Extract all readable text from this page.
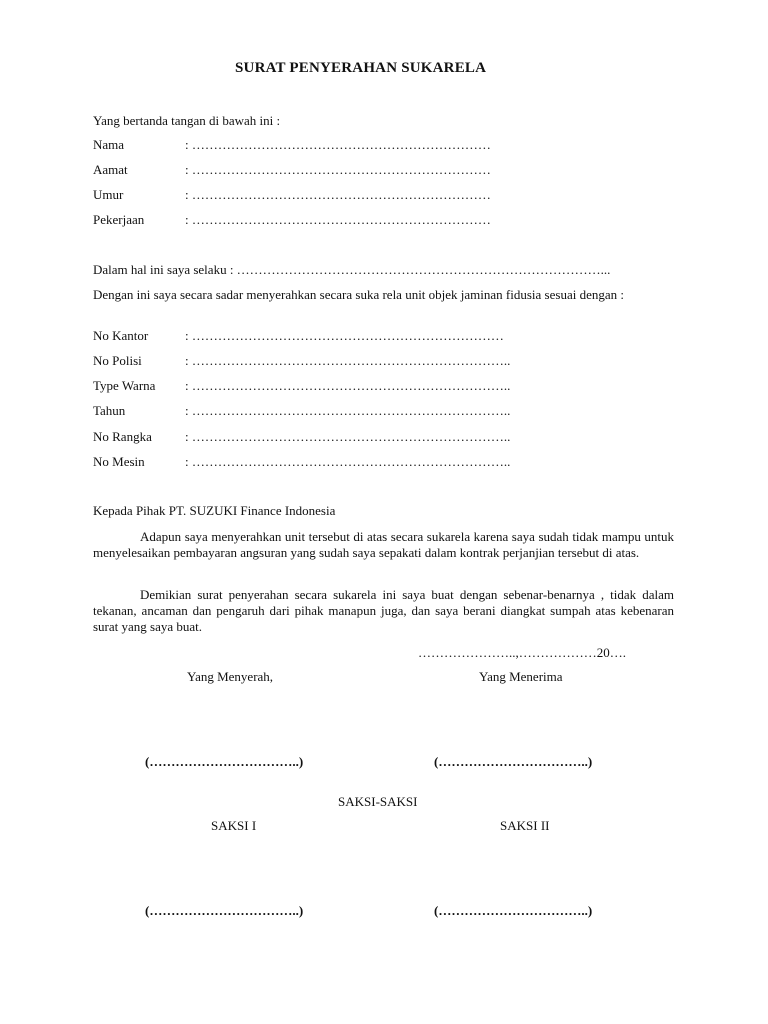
SURAT PENYERAHAN SUKARELA
Yang bertanda tangan di bawah ini :
Nama	: ……………………………………………………………
Aamat	: ……………………………………………………………
Umur	: ……………………………………………………………
Pekerjaan	: ……………………………………………………………
Dalam hal ini saya selaku : …………………………………………………………………………...
Dengan ini saya secara sadar menyerahkan secara suka rela unit objek jaminan fidusia sesuai dengan :
No Kantor	: ………………………………………………………………
No Polisi	: ………………………………………………………………..
Type Warna : ………………………………………………………………..
Tahun	: ………………………………………………………………..
No Rangka	: ………………………………………………………………..
No Mesin	: ………………………………………………………………..
Kepada Pihak PT. SUZUKI Finance Indonesia
Adapun saya menyerahkan unit tersebut di atas secara sukarela karena saya sudah tidak mampu untuk menyelesaikan pembayaran angsuran yang sudah saya sepakati dalam kontrak perjanjian tersebut di atas.
Demikian surat penyerahan secara sukarela ini saya buat dengan sebenar-benarnya , tidak dalam tekanan, ancaman dan pengaruh dari pihak manapun juga, dan saya berani diangkat sumpah atas kebenaran surat yang saya buat.
…………………..,………………20….
Yang Menyerah,	Yang Menerima
(……………………………..)	(……………………………..)
SAKSI-SAKSI
SAKSI I	SAKSI II
(……………………………..)	(……………………………..)
